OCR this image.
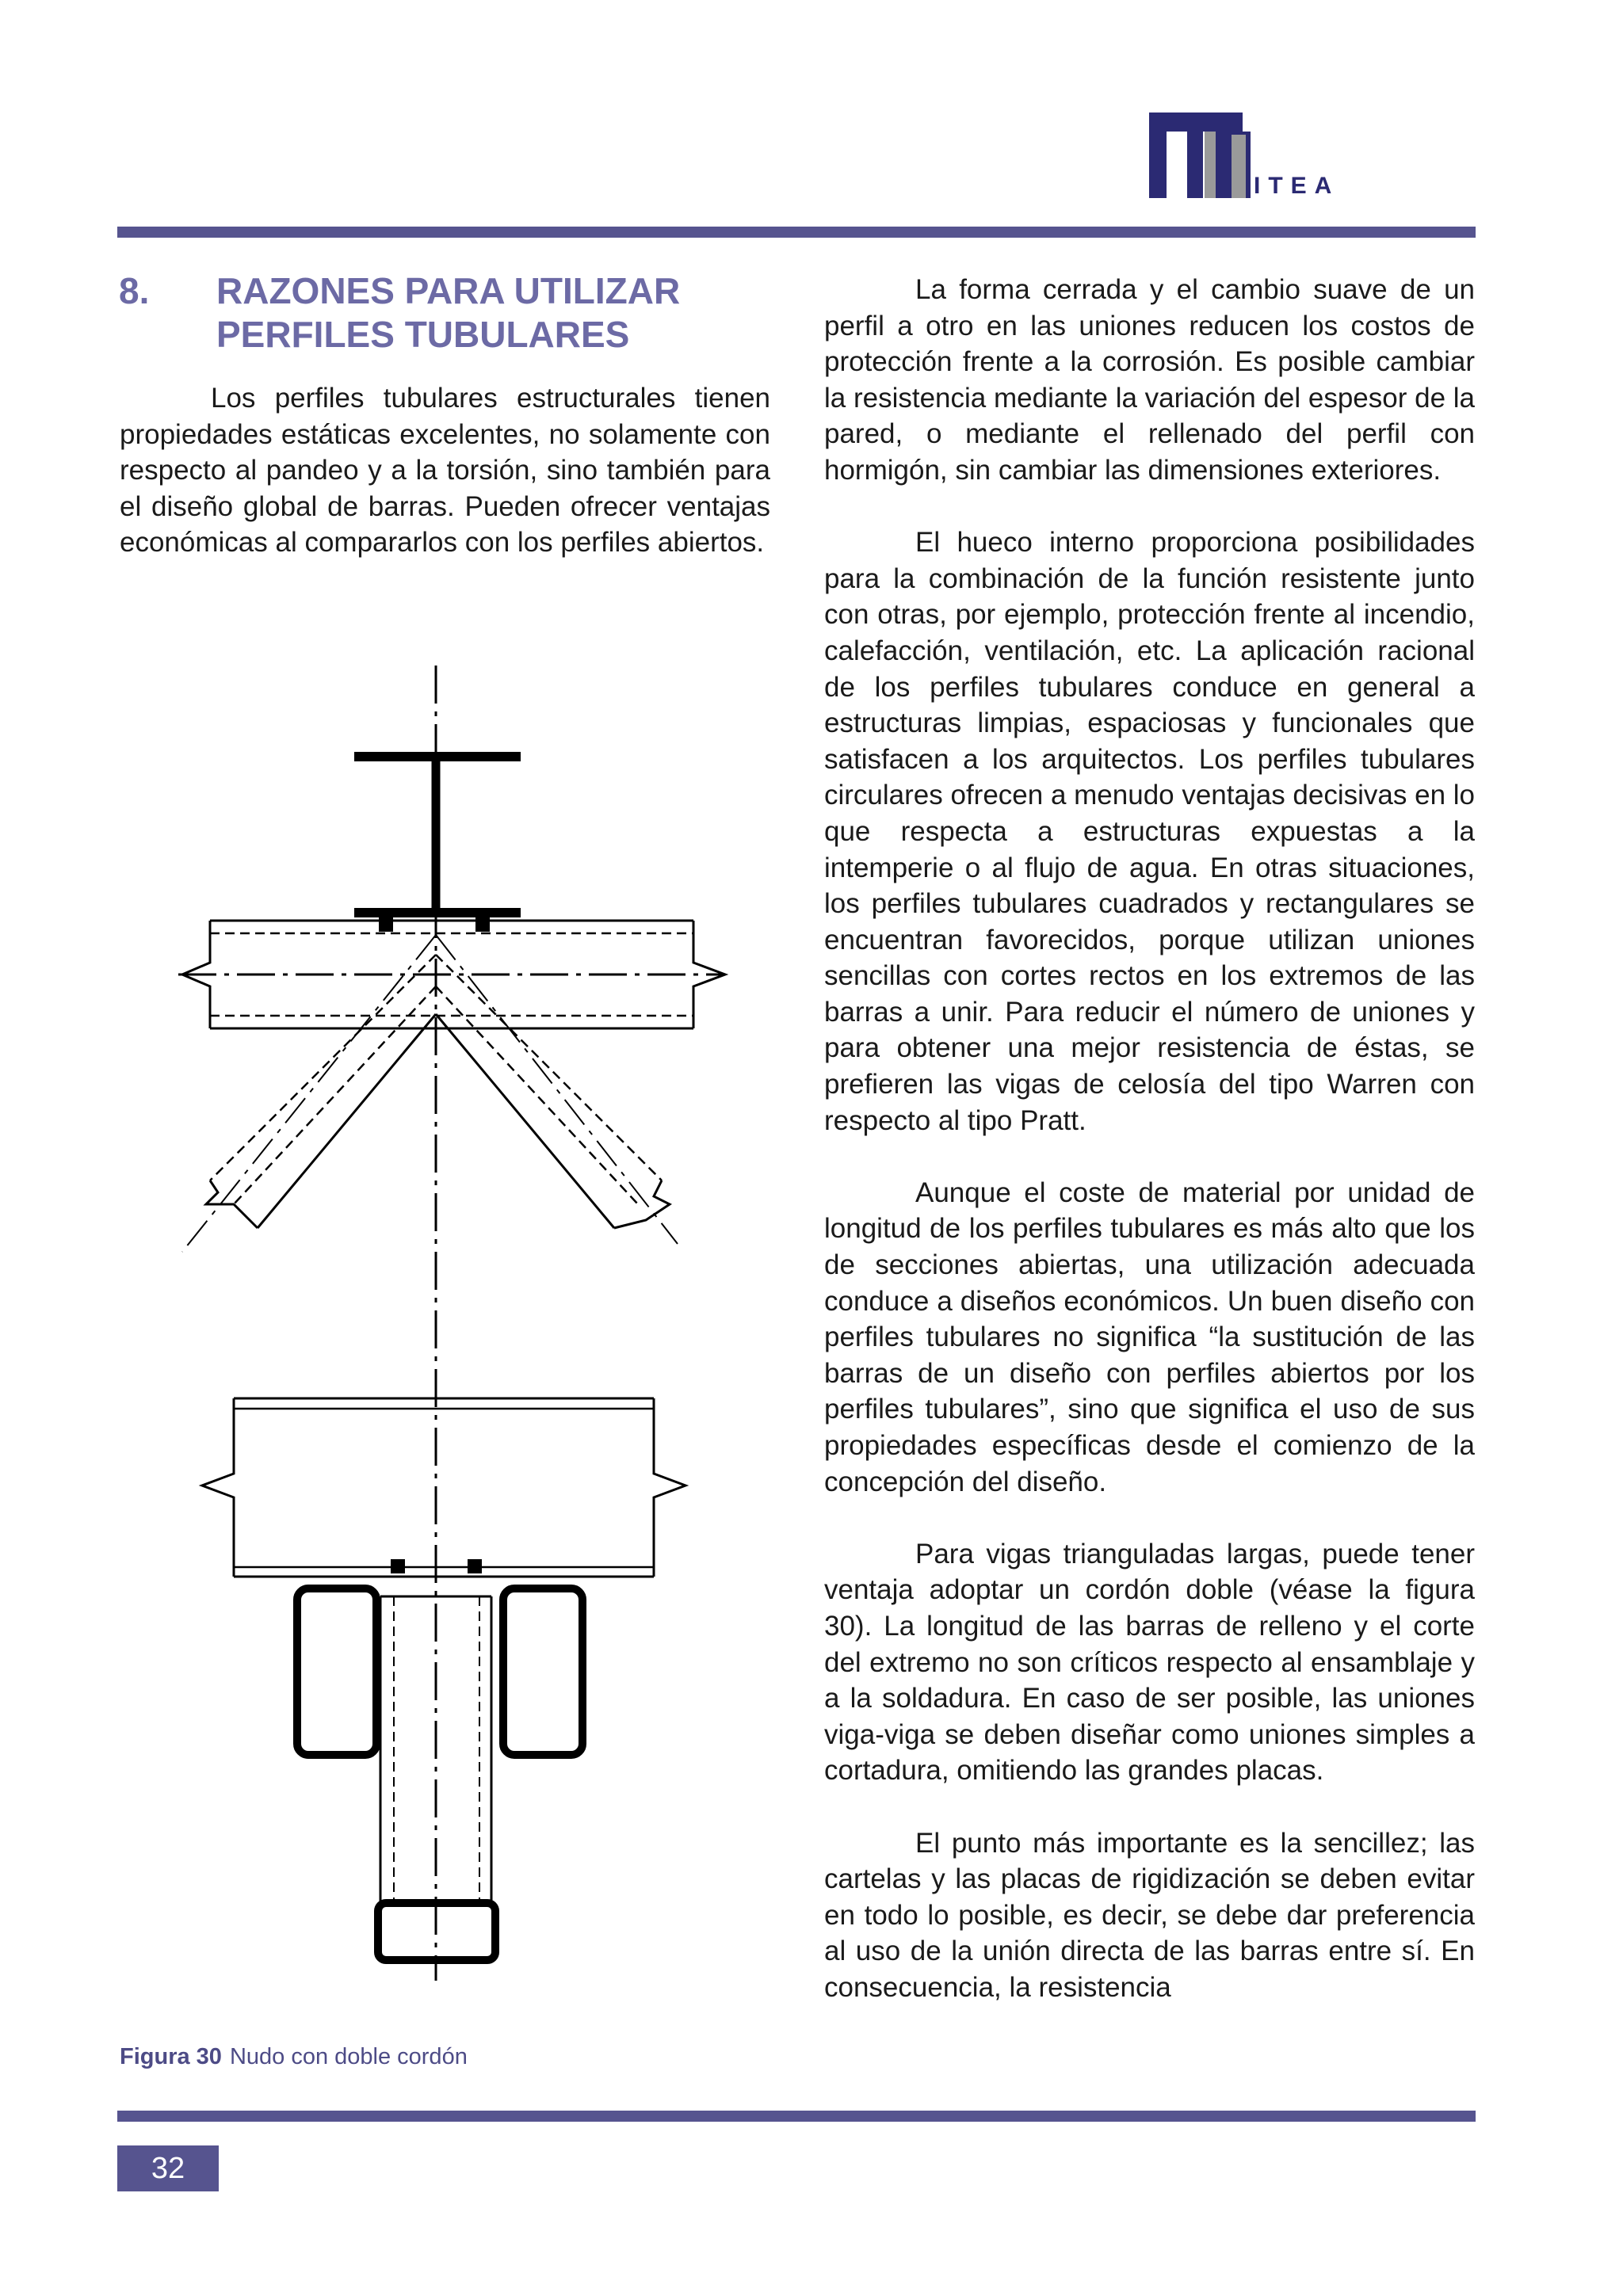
ITEA
8. RAZONES PARA UTILIZAR
PERFILES TUBULARES

Los perfiles tubulares estructurales tienen propiedades estáticas excelentes, no solamente con respecto al pandeo y a la torsión, sino también para el diseño global de barras. Pueden ofrecer ventajas económicas al compararlos con los perfiles abiertos.

La forma cerrada y el cambio suave de un perfil a otro en las uniones reducen los costos de protección frente a la corrosión. Es posible cambiar la resistencia mediante la variación del espesor de la pared, o mediante el rellenado del perfil con hormigón, sin cambiar las dimensiones exteriores.

El hueco interno proporciona posibilidades para la combinación de la función resistente junto con otras, por ejemplo, protección frente al incendio, calefacción, ventilación, etc. La aplicación racional de los perfiles tubulares conduce en general a estructuras limpias, espaciosas y funcionales que satisfacen a los arquitectos. Los perfiles tubulares circulares ofrecen a menudo ventajas decisivas en lo que respecta a estructuras expuestas a la intemperie o al flujo de agua. En otras situaciones, los perfiles tubulares cuadrados y rectangulares se encuentran favorecidos, porque utilizan uniones sencillas con cortes rectos en los extremos de las barras a unir. Para reducir el número de uniones y para obtener una mejor resistencia de éstas, se prefieren las vigas de celosía del tipo Warren con respecto al tipo Pratt.

Aunque el coste de material por unidad de longitud de los perfiles tubulares es más alto que los de secciones abiertas, una utilización adecuada conduce a diseños económicos. Un buen diseño con perfiles tubulares no significa “la sustitución de las barras de un diseño con perfiles abiertos por los perfiles tubulares”, sino que significa el uso de sus propiedades específicas desde el comienzo de la concepción del diseño.

Para vigas trianguladas largas, puede tener ventaja adoptar un cordón doble (véase la figura 30). La longitud de las barras de relleno y el corte del extremo no son críticos respecto al ensamblaje y a la soldadura. En caso de ser posible, las uniones viga-viga se deben diseñar como uniones simples a cortadura, omitiendo las grandes placas.

El punto más importante es la sencillez; las cartelas y las placas de rigidización se deben evitar en todo lo posible, es decir, se debe dar preferencia al uso de la unión directa de las barras entre sí. En consecuencia, la resistencia

Figura 30 Nudo con doble cordón
32
